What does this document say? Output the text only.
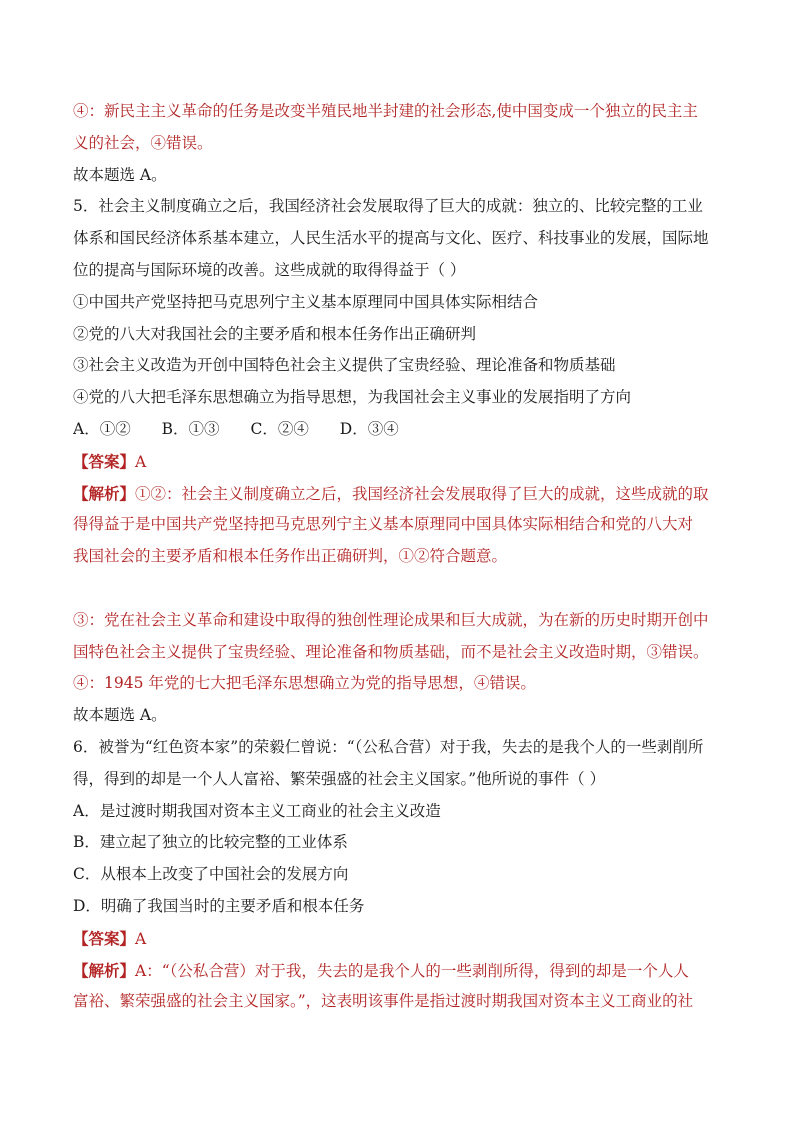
④：新民主主义革命的任务是改变半殖民地半封建的社会形态,使中国变成一个独立的民主主
义的社会，④错误。
故本题选 A。
5．社会主义制度确立之后，我国经济社会发展取得了巨大的成就：独立的、比较完整的工业
体系和国民经济体系基本建立，人民生活水平的提高与文化、医疗、科技事业的发展，国际地
位的提高与国际环境的改善。这些成就的取得得益于（ ）
①中国共产党坚持把马克思列宁主义基本原理同中国具体实际相结合
②党的八大对我国社会的主要矛盾和根本任务作出正确研判
③社会主义改造为开创中国特色社会主义提供了宝贵经验、理论准备和物质基础
④党的八大把毛泽东思想确立为指导思想，为我国社会主义事业的发展指明了方向
A．①② B．①③ C．②④ D．③④
【答案】A
【解析】①②：社会主义制度确立之后，我国经济社会发展取得了巨大的成就，这些成就的取
得得益于是中国共产党坚持把马克思列宁主义基本原理同中国具体实际相结合和党的八大对
我国社会的主要矛盾和根本任务作出正确研判，①②符合题意。
③：党在社会主义革命和建设中取得的独创性理论成果和巨大成就，为在新的历史时期开创中
国特色社会主义提供了宝贵经验、理论准备和物质基础，而不是社会主义改造时期，③错误。
④：1945 年党的七大把毛泽东思想确立为党的指导思想，④错误。
故本题选 A。
6．被誉为“红色资本家”的荣毅仁曾说：“（公私合营）对于我，失去的是我个人的一些剥削所
得，得到的却是一个人人富裕、繁荣强盛的社会主义国家。”他所说的事件（ ）
A．是过渡时期我国对资本主义工商业的社会主义改造
B．建立起了独立的比较完整的工业体系
C．从根本上改变了中国社会的发展方向
D．明确了我国当时的主要矛盾和根本任务
【答案】A
【解析】A：“（公私合营）对于我，失去的是我个人的一些剥削所得，得到的却是一个人人
富裕、繁荣强盛的社会主义国家。”，这表明该事件是指过渡时期我国对资本主义工商业的社
